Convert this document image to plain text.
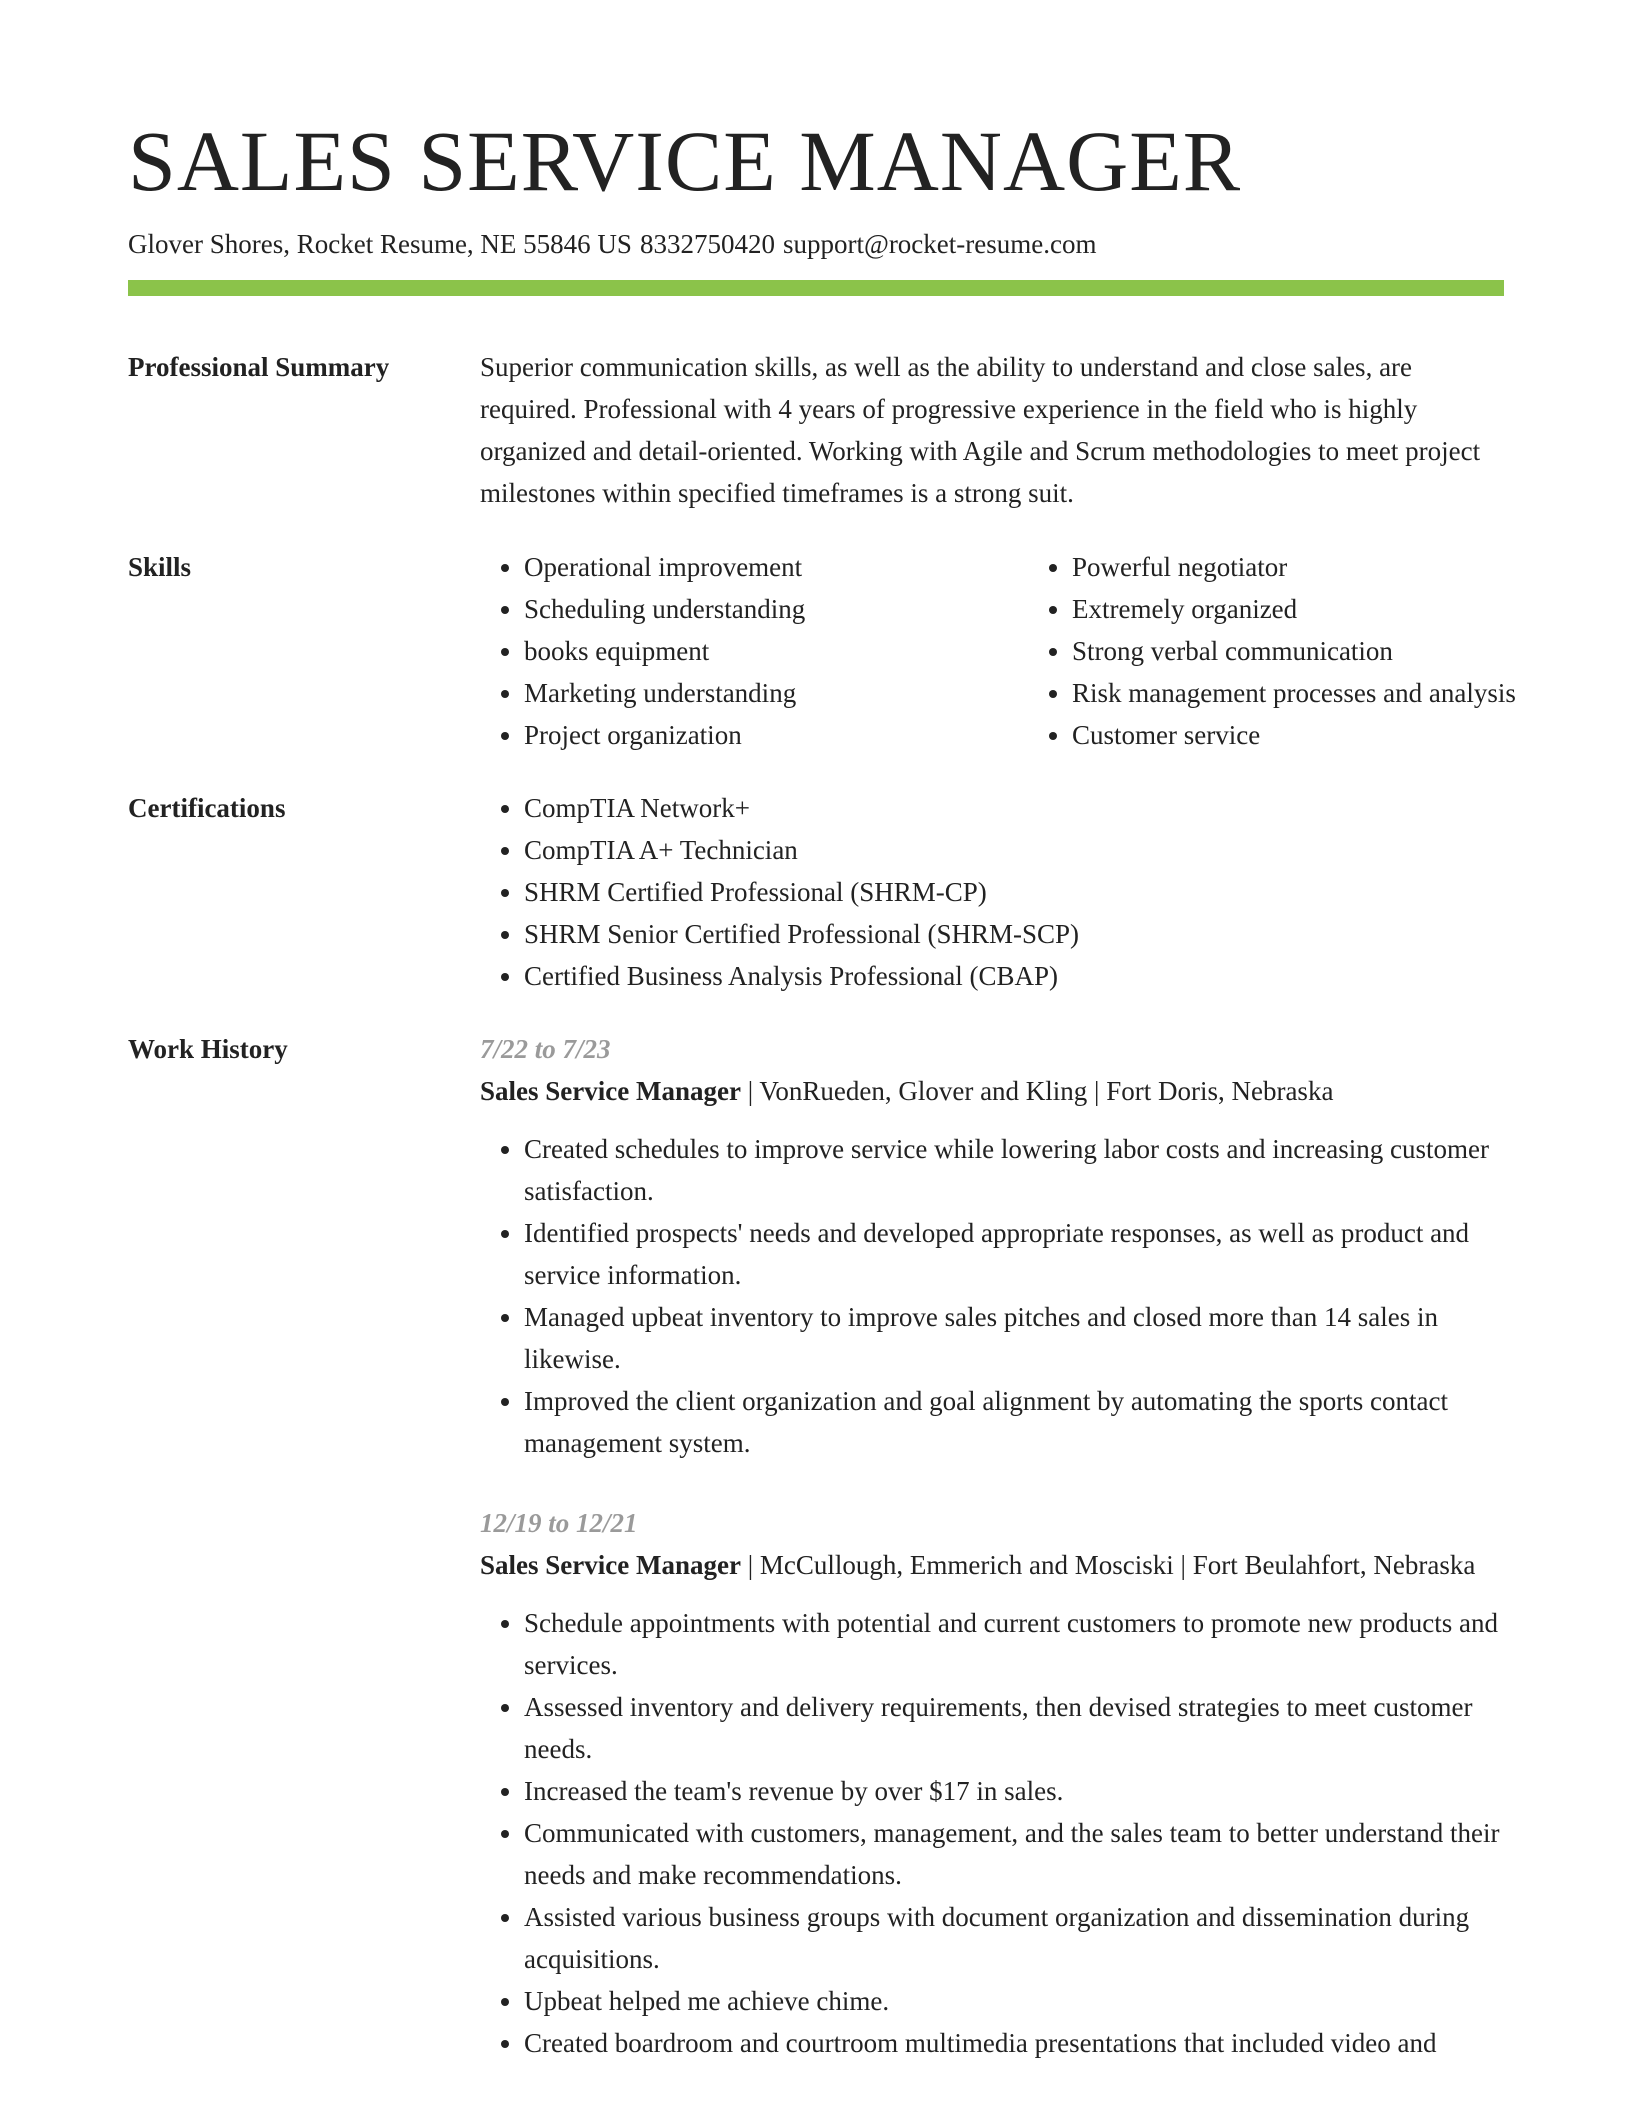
SALES SERVICE MANAGER
Glover Shores, Rocket Resume, NE 55846 US 8332750420 support@rocket-resume.com
Professional Summary	Superior communication skills, as well as the ability to understand and close sales, are required. Professional with 4 years of progressive experience in the field who is highly organized and detail-oriented. Working with Agile and Scrum methodologies to meet project milestones within specified timeframes is a strong suit.
Skills	• Operational improvement
• Scheduling understanding
• books equipment
• Marketing understanding
• Project organization
• Powerful negotiator
• Extremely organized
• Strong verbal communication
• Risk management processes and analysis
• Customer service
Certifications	• CompTIA Network+
• CompTIA A+ Technician
• SHRM Certified Professional (SHRM-CP)
• SHRM Senior Certified Professional (SHRM-SCP)
• Certified Business Analysis Professional (CBAP)
Work History	7/22 to 7/23
Sales Service Manager | VonRueden, Glover and Kling | Fort Doris, Nebraska
• Created schedules to improve service while lowering labor costs and increasing customer satisfaction.
• Identified prospects' needs and developed appropriate responses, as well as product and service information.
• Managed upbeat inventory to improve sales pitches and closed more than 14 sales in likewise.
• Improved the client organization and goal alignment by automating the sports contact management system.
12/19 to 12/21
Sales Service Manager | McCullough, Emmerich and Mosciski | Fort Beulahfort, Nebraska
• Schedule appointments with potential and current customers to promote new products and services.
• Assessed inventory and delivery requirements, then devised strategies to meet customer needs.
• Increased the team's revenue by over $17 in sales.
• Communicated with customers, management, and the sales team to better understand their needs and make recommendations.
• Assisted various business groups with document organization and dissemination during acquisitions.
• Upbeat helped me achieve chime.
• Created boardroom and courtroom multimedia presentations that included video and
